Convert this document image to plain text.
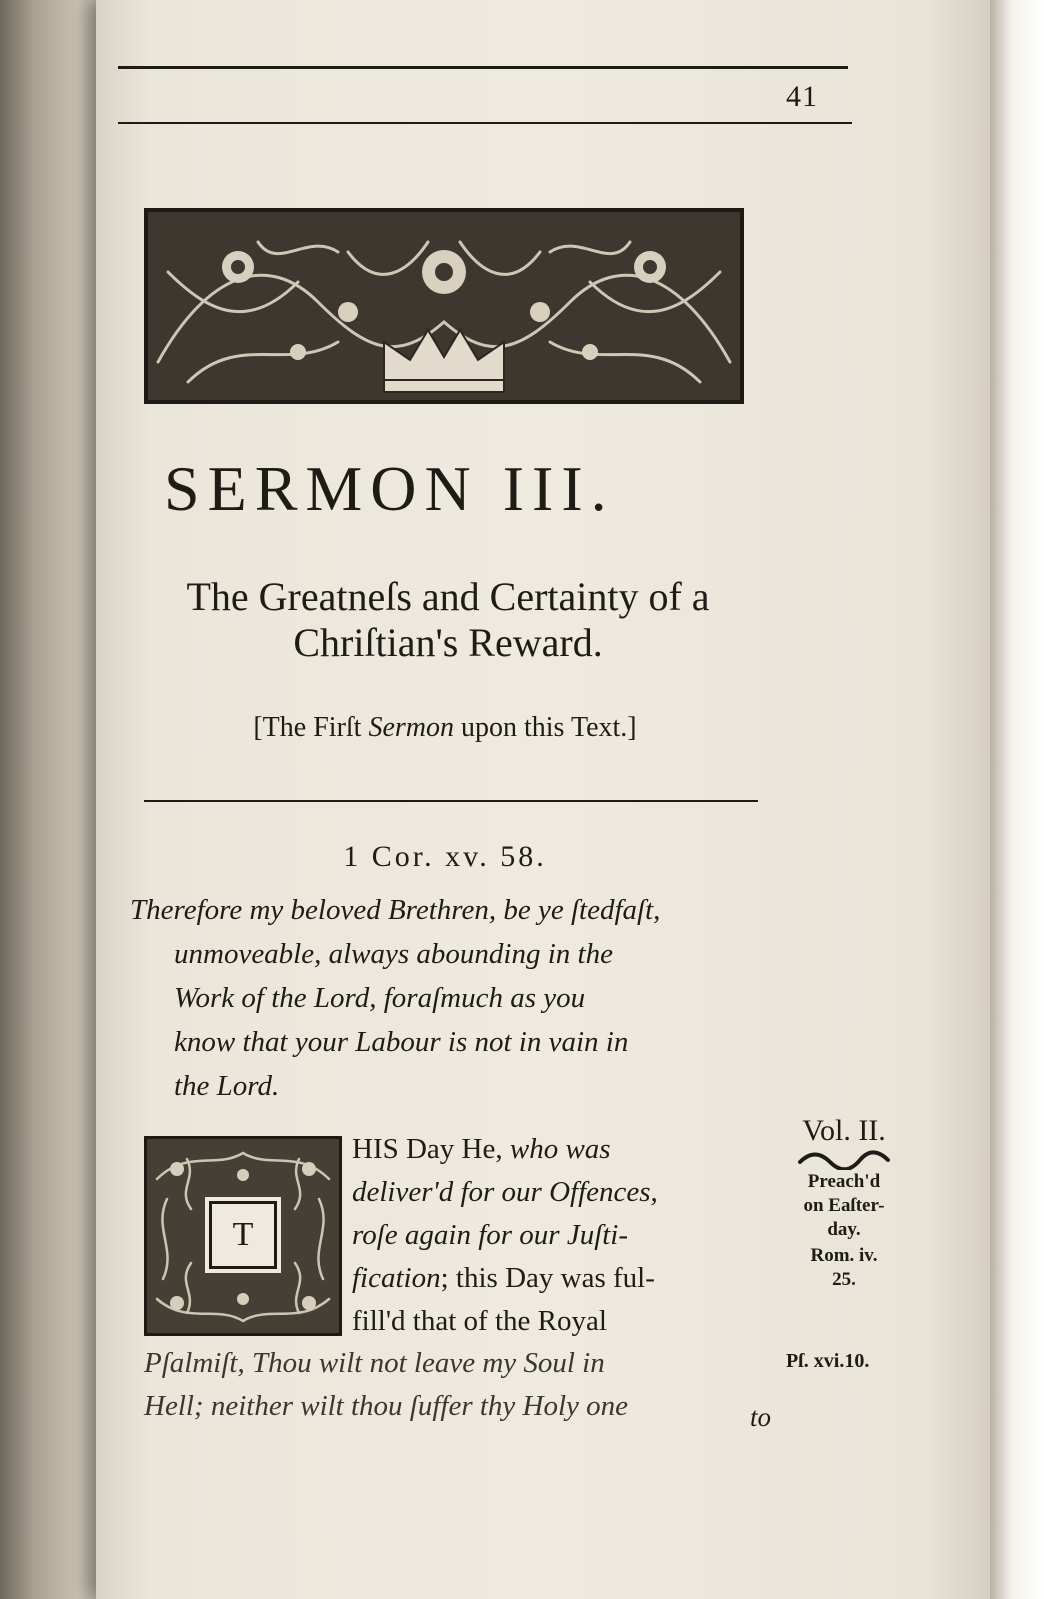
41
SERMON III.
The Greatneſs and Certainty of a
Chriſtian's Reward.
[The Firſt Sermon upon this Text.]
1 Cor. xv. 58.
Therefore my beloved Brethren, be ye ſtedfaſt,
unmoveable, always abounding in the
Work of the Lord, foraſmuch as you
know that your Labour is not in vain in
the Lord.
T
HIS Day He, who was
deliver'd for our Offences,
roſe again for our Juſti-
fication; this Day was ful-
fill'd that of the Royal
Pſalmiſt, Thou wilt not leave my Soul in
Hell; neither wilt thou ſuffer thy Holy one	to
Vol. II.
Preach'd
on Eaſter-
day.
Rom. iv.
25.
Pſ. xvi.10.
